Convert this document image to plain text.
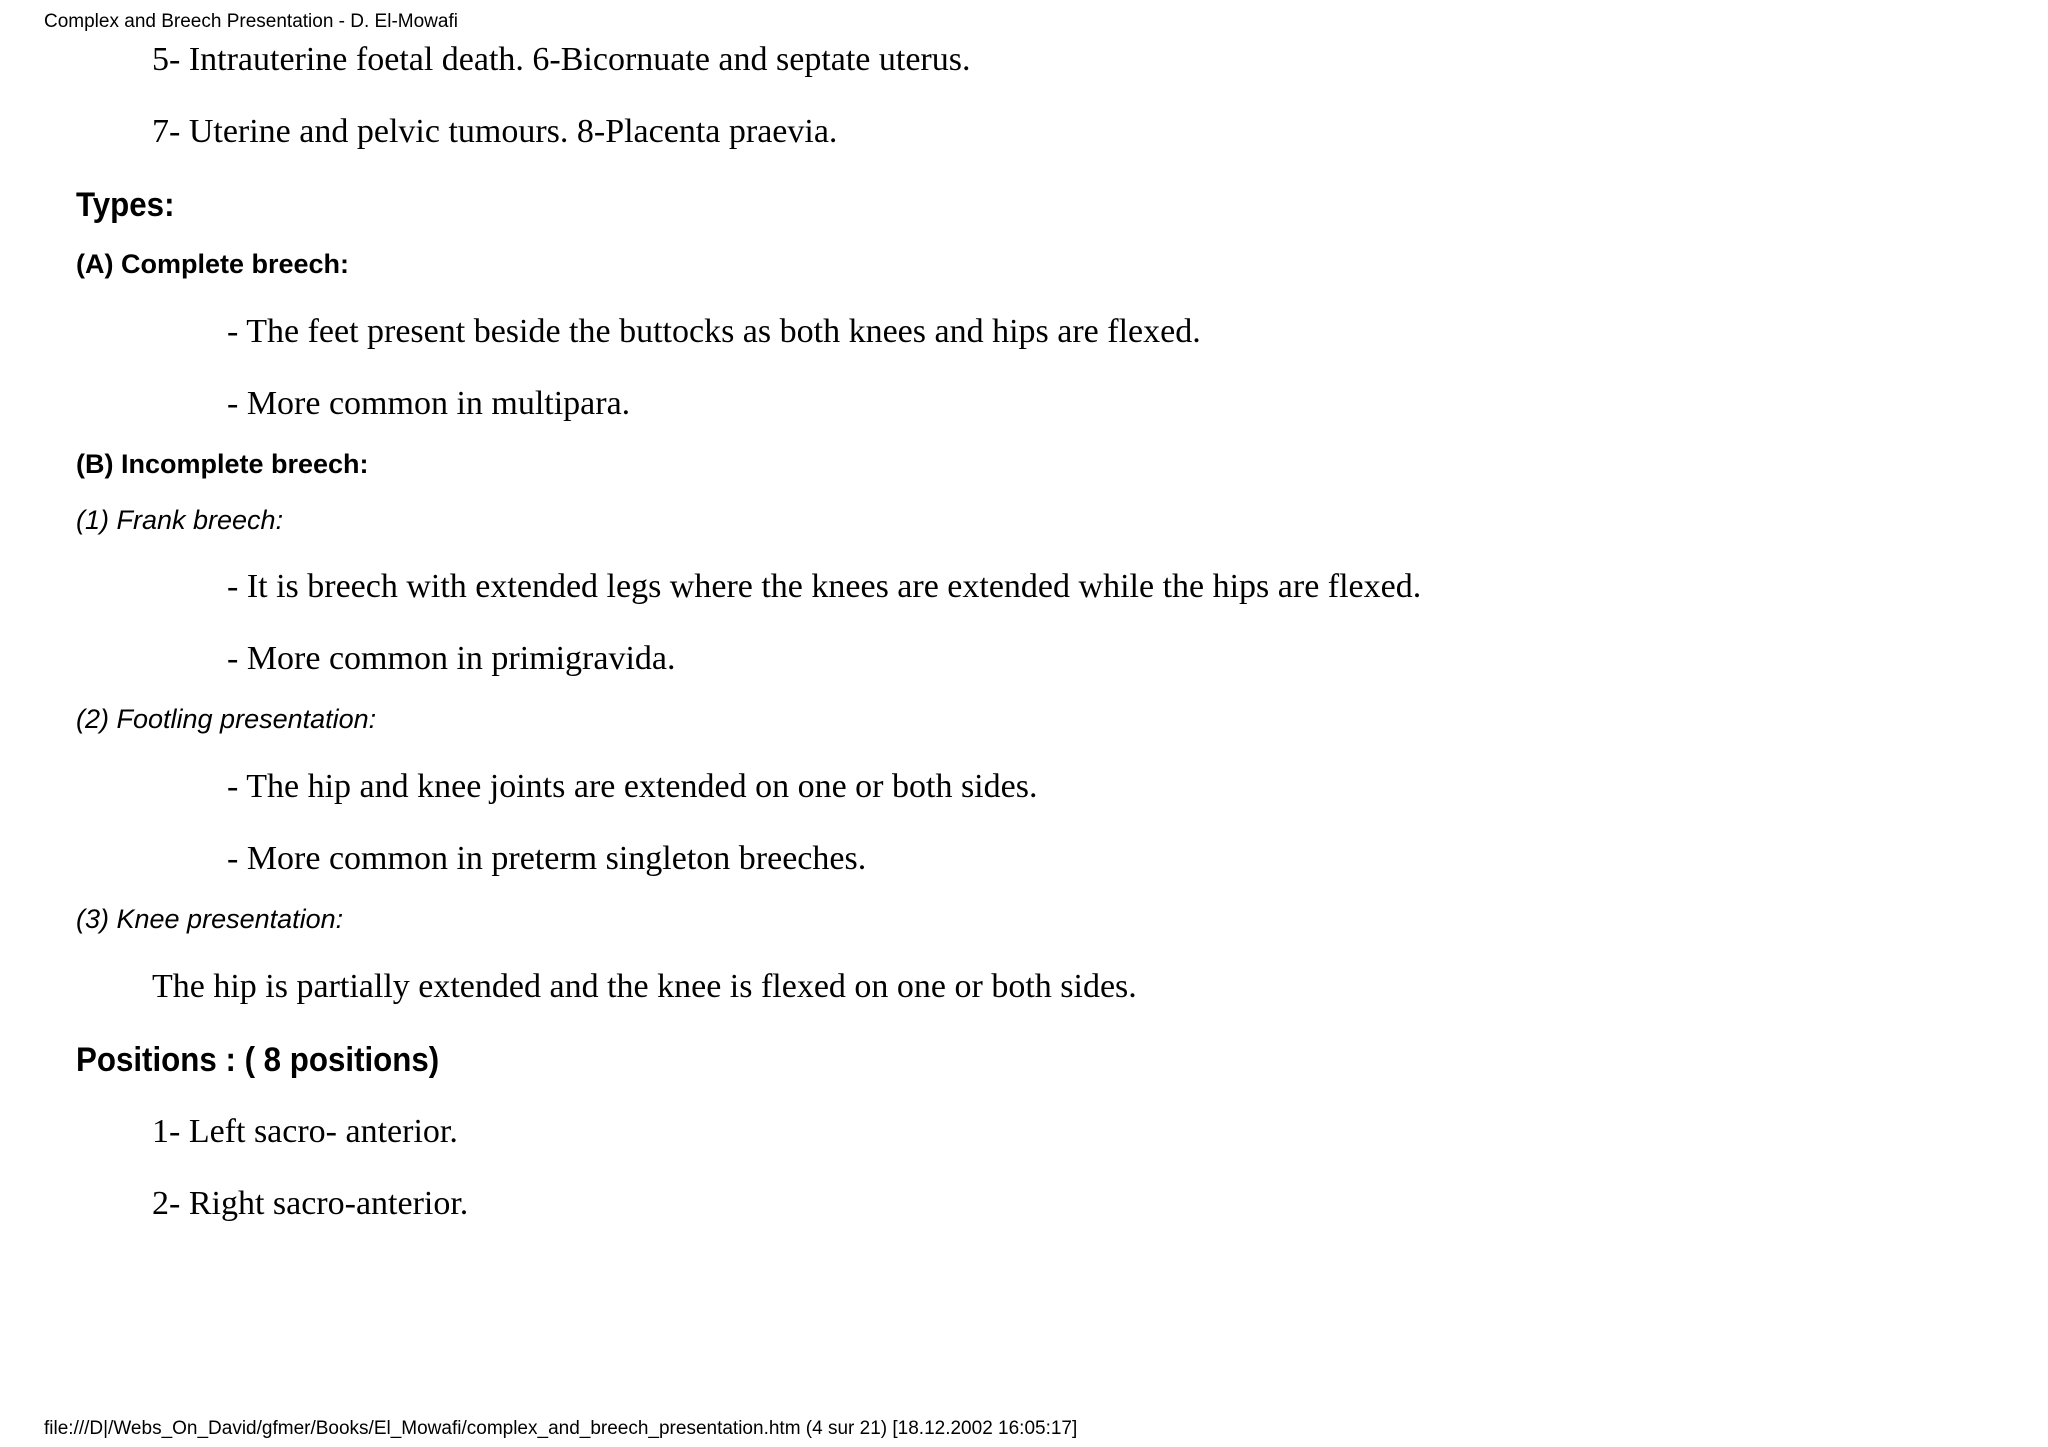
Complex and Breech Presentation - D. El-Mowafi
5- Intrauterine foetal death. 6-Bicornuate and septate uterus.
7- Uterine and pelvic tumours. 8-Placenta praevia.
Types:
(A) Complete breech:
- The feet present beside the buttocks as both knees and hips are flexed.
- More common in multipara.
(B) Incomplete breech:
(1) Frank breech:
- It is breech with extended legs where the knees are extended while the hips are flexed.
- More common in primigravida.
(2) Footling presentation:
- The hip and knee joints are extended on one or both sides.
- More common in preterm singleton breeches.
(3) Knee presentation:
The hip is partially extended and the knee is flexed on one or both sides.
Positions : ( 8 positions)
1- Left sacro- anterior.
2- Right sacro-anterior.
file:///D|/Webs_On_David/gfmer/Books/El_Mowafi/complex_and_breech_presentation.htm (4 sur 21) [18.12.2002 16:05:17]
